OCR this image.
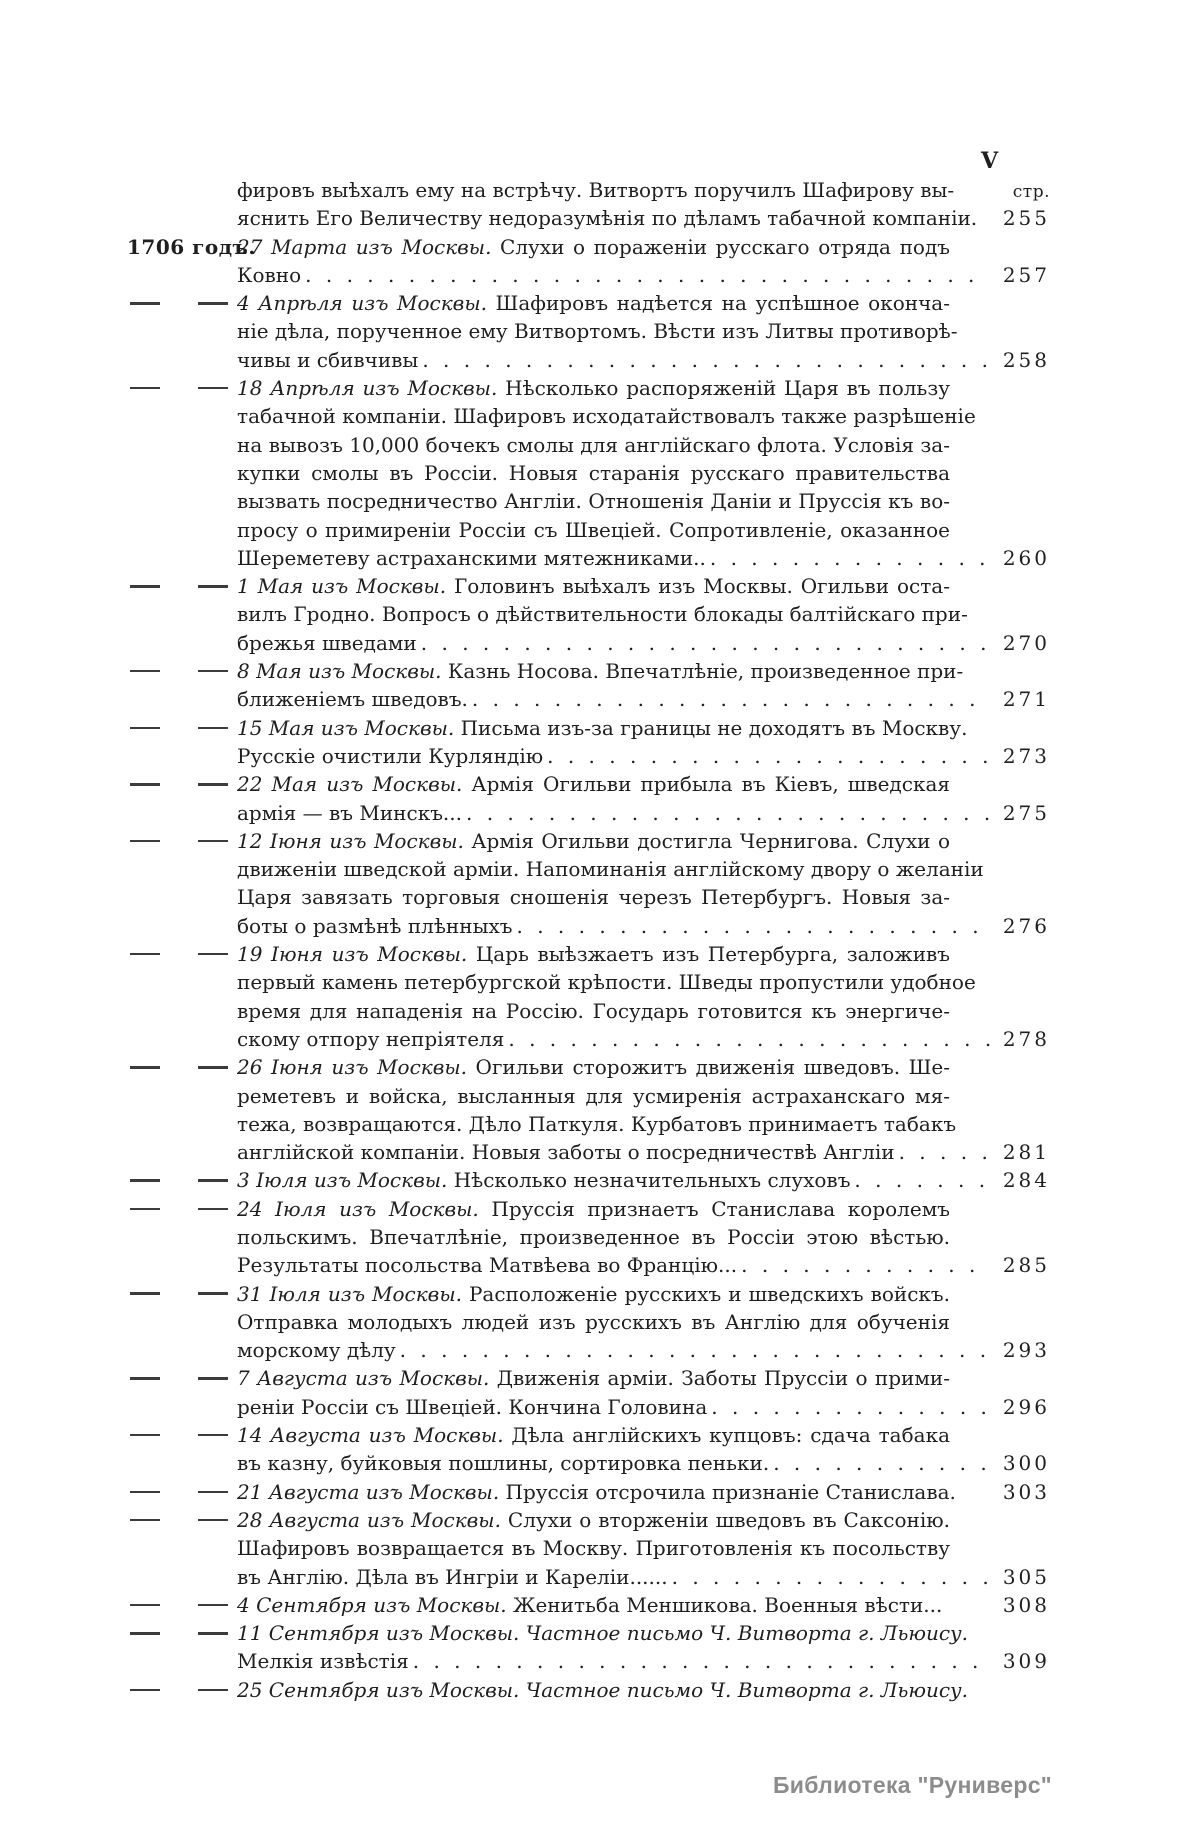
V
фировъ выѣхалъ ему на встрѣчу. Витвортъ поручилъ Шафирову вы-	стр.
яснить Его Величеству недоразумѣнія по дѣламъ табачной компаніи.	255
1706 годъ.
27 Марта изъ Москвы. Слухи о пораженіи русскаго отряда подъ
Ковно . . .	257
4 Апрѣля изъ Москвы. Шафировъ надѣется на успѣшное оконча-
ніе дѣла, порученное ему Витвортомъ. Вѣсти изъ Литвы противорѣ-
чивы и сбивчивы . . .	258
18 Апрѣля изъ Москвы. Нѣсколько распоряженій Царя въ пользу
табачной компаніи. Шафировъ исходатайствовалъ также разрѣшеніе
на вывозъ 10,000 бочекъ смолы для англійскаго флота. Условія за-
купки смолы въ Россіи. Новыя старанія русскаго правительства
вызвать посредничество Англіи. Отношенія Даніи и Пруссія къ во-
просу о примиреніи Россіи съ Швеціей. Сопротивленіе, оказанное
Шереметеву астраханскими мятежниками.. . . .	260
1 Мая изъ Москвы. Головинъ выѣхалъ изъ Москвы. Огильви оста-
вилъ Гродно. Вопросъ о дѣйствительности блокады балтійскаго при-
брежья шведами . . .	270
8 Мая изъ Москвы. Казнь Носова. Впечатлѣніе, произведенное при-
ближеніемъ шведовъ. . . .	271
15 Мая изъ Москвы. Письма изъ-за границы не доходятъ въ Москву.
Русскіе очистили Курляндію . . .	273
22 Мая изъ Москвы. Армія Огильви прибыла въ Кіевъ, шведская
армія — въ Минскъ... . . .	275
12 Іюня изъ Москвы. Армія Огильви достигла Чернигова. Слухи о
движеніи шведской арміи. Напоминанія англійскому двору о желаніи
Царя завязать торговыя сношенія черезъ Петербургъ. Новыя за-
боты о размѣнѣ плѣнныхъ . . .	276
19 Іюня изъ Москвы. Царь выѣзжаетъ изъ Петербурга, заложивъ
первый камень петербургской крѣпости. Шведы пропустили удобное
время для нападенія на Россію. Государь готовится къ энергиче-
скому отпору непріятеля . . .	278
26 Іюня изъ Москвы. Огильви сторожитъ движенія шведовъ. Ше-
реметевъ и войска, высланныя для усмиренія астраханскаго мя-
тежа, возвращаются. Дѣло Паткуля. Курбатовъ принимаетъ табакъ
англійской компаніи. Новыя заботы о посредничествѣ Англіи . . .	281
3 Іюля изъ Москвы. Нѣсколько незначительныхъ слуховъ . . .	284
24 Іюля изъ Москвы. Пруссія признаетъ Станислава королемъ
польскимъ. Впечатлѣніе, произведенное въ Россіи этою вѣстью.
Результаты посольства Матвѣева во Францію... . . .	285
31 Іюля изъ Москвы. Расположеніе русскихъ и шведскихъ войскъ.
Отправка молодыхъ людей изъ русскихъ въ Англію для обученія
морскому дѣлу . . .	293
7 Августа изъ Москвы. Движенія арміи. Заботы Пруссіи о прими-
реніи Россіи съ Швеціей. Кончина Головина . . .	296
14 Августа изъ Москвы. Дѣла англійскихъ купцовъ: сдача табака
въ казну, буйковыя пошлины, сортировка пеньки. . . .	300
21 Августа изъ Москвы. Пруссія отсрочила признаніе Станислава.	303
28 Августа изъ Москвы. Слухи о вторженіи шведовъ въ Саксонію.
Шафировъ возвращается въ Москву. Приготовленія къ посольству
въ Англію. Дѣла въ Ингріи и Кареліи...... . . .	305
4 Сентября изъ Москвы. Женитьба Меншикова. Военныя вѣсти...	308
11 Сентября изъ Москвы. Частное письмо Ч. Витворта г. Льюису.
Мелкія извѣстія . . .	309
25 Сентября изъ Москвы. Частное письмо Ч. Витворта г. Льюису.
Библиотека "Руниверс"
